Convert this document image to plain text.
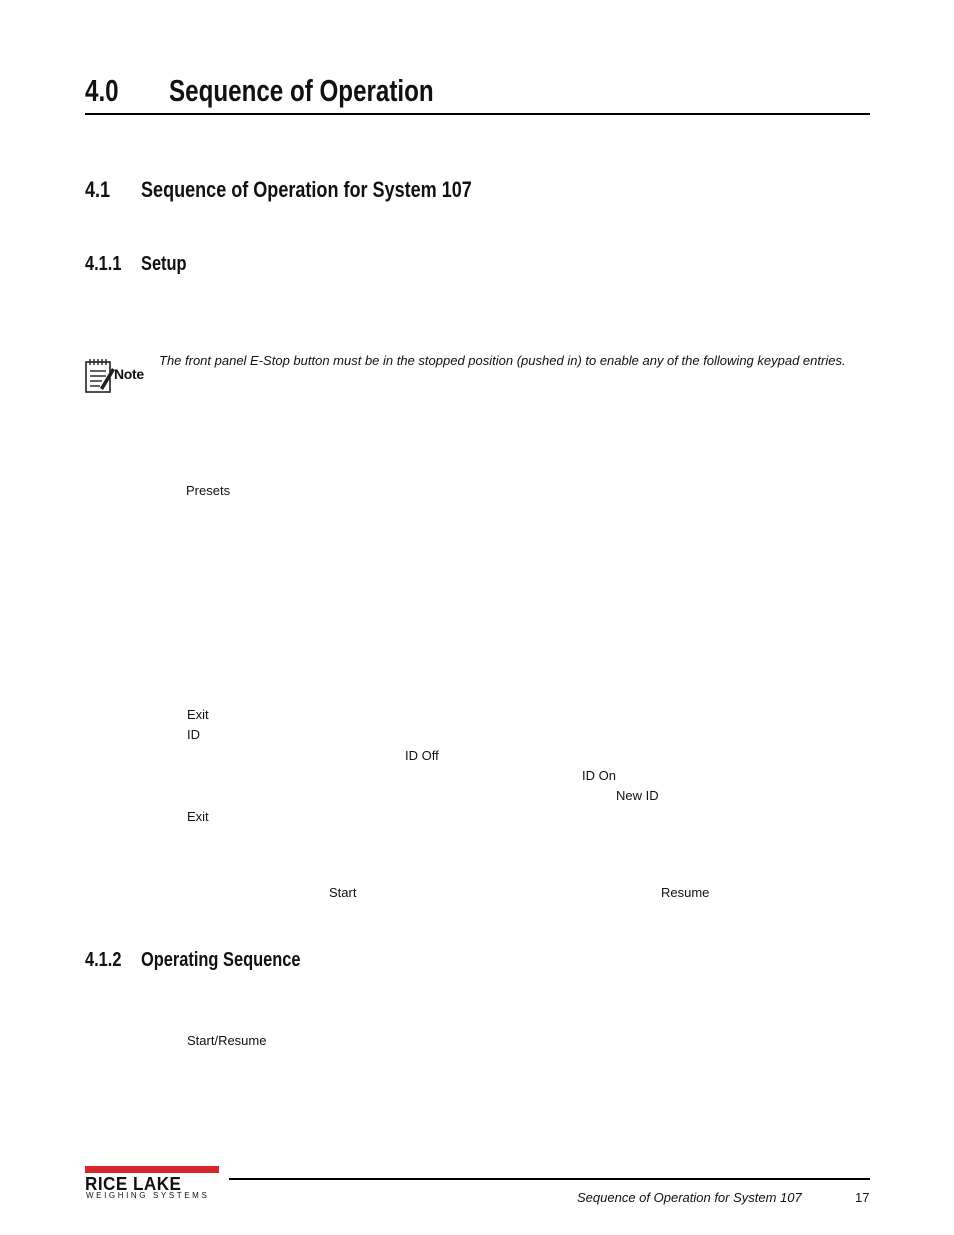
4.0 Sequence of Operation
4.1 Sequence of Operation for System 107
4.1.1 Setup
Note
The front panel E-Stop button must be in the stopped position (pushed in) to enable any of the following keypad entries.
Presets
Exit
ID
ID Off
ID On
New ID
Exit
Start	Resume
4.1.2 Operating Sequence
Start/Resume
RICE LAKE
WEIGHING SYSTEMS	Sequence of Operation for System 107	17
